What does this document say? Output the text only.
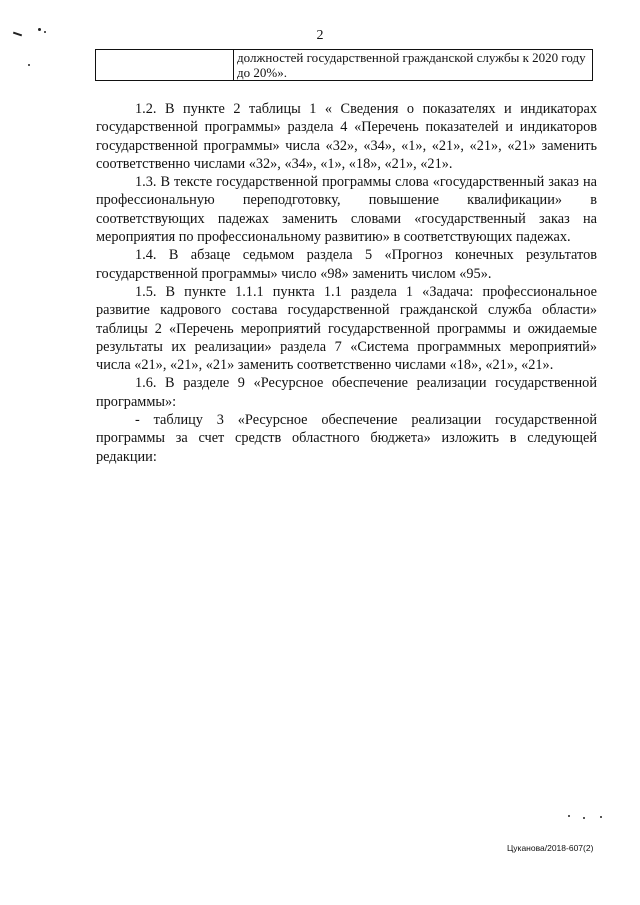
2
	должностей государственной гражданской службы к 2020 году до 20%».

1.2. В пункте 2 таблицы 1 « Сведения о показателях и индикаторах государственной программы» раздела 4 «Перечень показателей и индикаторов государственной программы» числа «32», «34», «1», «21», «21», «21» заменить соответственно числами «32», «34», «1», «18», «21», «21».

1.3. В тексте государственной программы слова «государственный заказ на профессиональную переподготовку, повышение квалификации» в соответствующих падежах заменить словами «государственный заказ на мероприятия по профессиональному развитию» в соответствующих падежах.

1.4. В абзаце седьмом раздела 5 «Прогноз конечных результатов государственной программы» число «98» заменить числом «95».

1.5. В пункте 1.1.1 пункта 1.1 раздела 1 «Задача: профессиональное развитие кадрового состава государственной гражданской служба области» таблицы 2 «Перечень мероприятий государственной программы и ожидаемые результаты их реализации» раздела 7 «Система программных мероприятий» числа «21», «21», «21» заменить соответственно числами «18», «21», «21».

1.6. В разделе 9 «Ресурсное обеспечение реализации государственной программы»:

- таблицу 3 «Ресурсное обеспечение реализации государственной программы за счет средств областного бюджета» изложить в следующей редакции:

Цуканова/2018-607(2)
